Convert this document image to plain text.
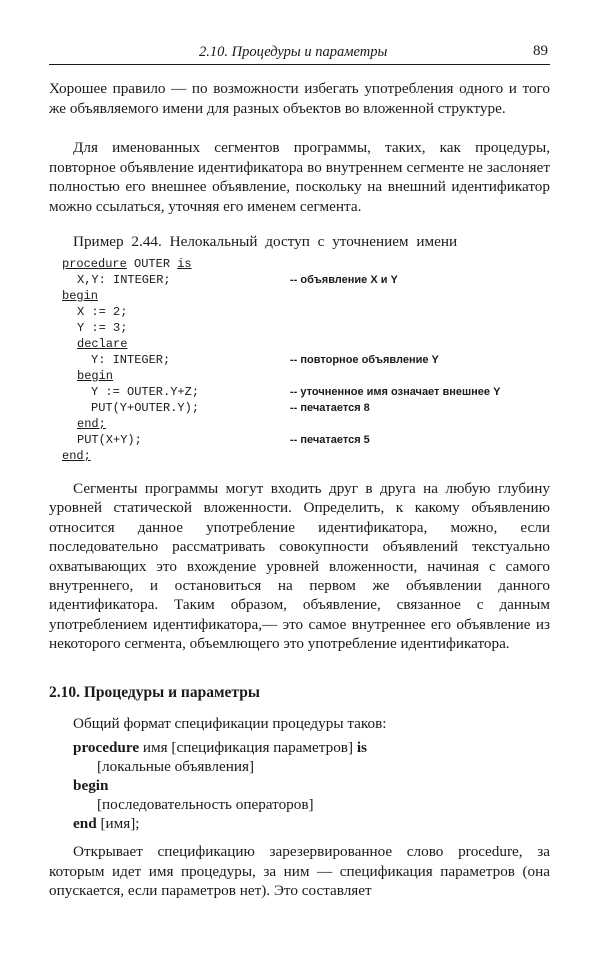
2.10. Процедуры и параметры	89

Хорошее правило — по возможности избегать употребления одного и того же объявляемого имени для разных объектов во вложенной структуре.

Для именованных сегментов программы, таких, как процедуры, повторное объявление идентификатора во внутреннем сегменте не заслоняет полностью его внешнее объявление, поскольку на внешний идентификатор можно ссылаться, уточняя его именем сегмента.

Пример 2.44. Нелокальный доступ с уточнением имени
procedure OUTER is
X,Y: INTEGER;
begin
X := 2;
Y := 3;
declare
Y: INTEGER;
begin
Y := OUTER.Y+Z;
PUT(Y+OUTER.Y);
end;
PUT(X+Y);
end;
-- объявление X и Y
-- повторное объявление Y
-- уточненное имя означает внешнее Y
-- печатается 8
-- печатается 5

Сегменты программы могут входить друг в друга на любую глубину уровней статической вложенности. Определить, к какому объявлению относится данное употребление идентификатора, можно, если последовательно рассматривать совокупности объявлений текстуально охватывающих это вхождение уровней вложенности, начиная с самого внутреннего, и остановиться на первом же объявлении данного идентификатора. Таким образом, объявление, связанное с данным употреблением идентификатора,— это самое внутреннее его объявление из некоторого сегмента, объемлющего это употребление идентификатора.

2.10. Процедуры и параметры
Общий формат спецификации процедуры таков:
procedure имя [спецификация параметров] is
[локальные объявления]
begin
[последовательность операторов]
end [имя];

Открывает спецификацию зарезервированное слово procedure, за которым идет имя процедуры, за ним — спецификация параметров (она опускается, если параметров нет). Это составляет
